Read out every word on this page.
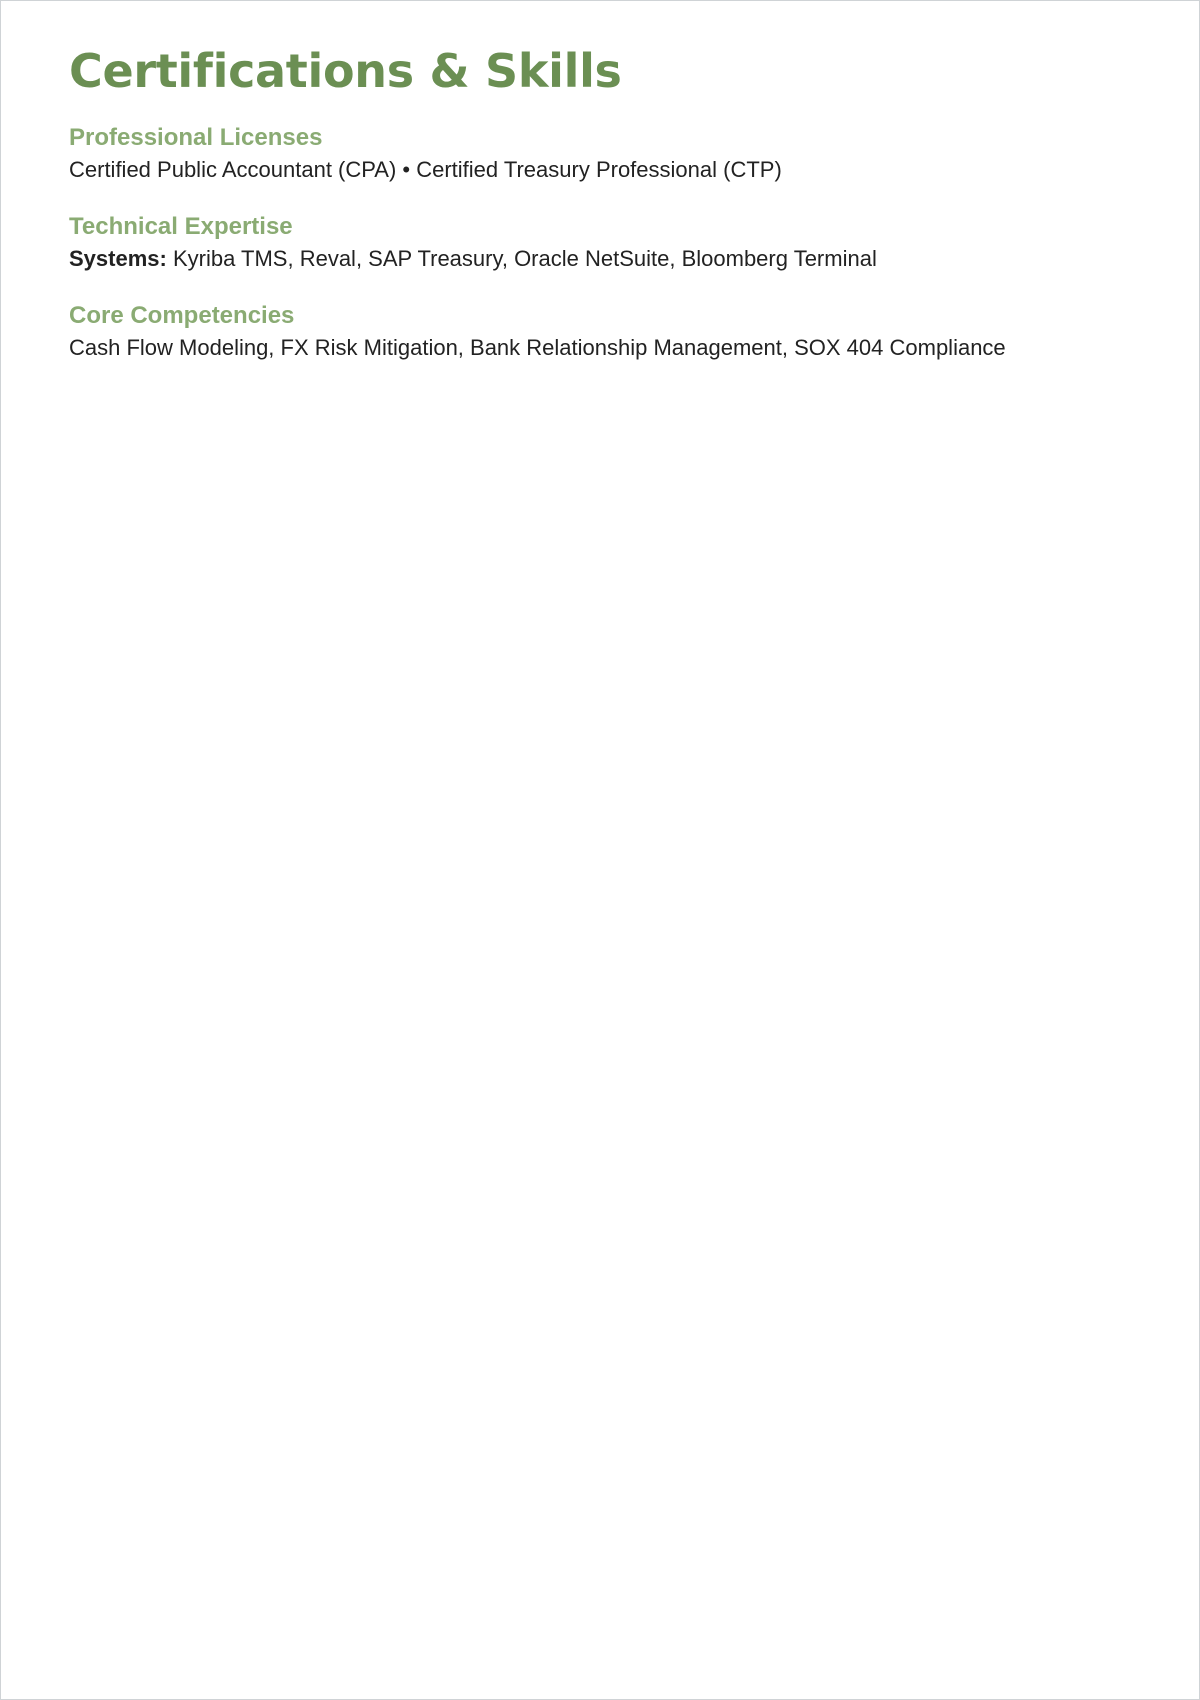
Certifications & Skills
Professional Licenses

Certified Public Accountant (CPA) • Certified Treasury Professional (CTP)

Technical Expertise

Systems: Kyriba TMS, Reval, SAP Treasury, Oracle NetSuite, Bloomberg Terminal

Core Competencies

Cash Flow Modeling, FX Risk Mitigation, Bank Relationship Management, SOX 404 Compliance
